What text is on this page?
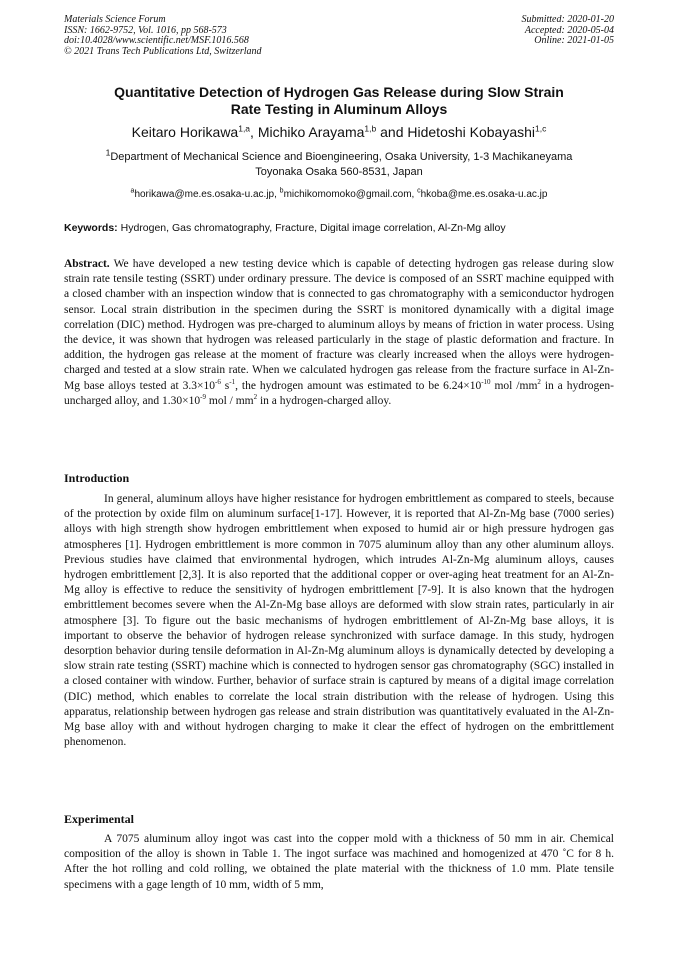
Materials Science Forum
ISSN: 1662-9752, Vol. 1016, pp 568-573
doi:10.4028/www.scientific.net/MSF.1016.568
© 2021 Trans Tech Publications Ltd, Switzerland
Submitted: 2020-01-20
Accepted: 2020-05-04
Online: 2021-01-05
Quantitative Detection of Hydrogen Gas Release during Slow Strain
Rate Testing in Aluminum Alloys
Keitaro Horikawa$^{1,a}$, Michiko Arayama$^{1,b}$ and Hidetoshi Kobayashi$^{1,c}$
$^1$Department of Mechanical Science and Bioengineering, Osaka University, 1-3 Machikaneyama
Toyonaka Osaka 560-8531, Japan
$^a$horikawa@me.es.osaka-u.ac.jp, $^b$michikomomoko@gmail.com, $^c$hkoba@me.es.osaka-u.ac.jp
Keywords: Hydrogen, Gas chromatography, Fracture, Digital image correlation, Al-Zn-Mg alloy
Abstract. We have developed a new testing device which is capable of detecting hydrogen gas release during slow strain rate tensile testing (SSRT) under ordinary pressure. The device is composed of an SSRT machine equipped with a closed chamber with an inspection window that is connected to gas chromatography with a semiconductor hydrogen sensor. Local strain distribution in the specimen during the SSRT is monitored dynamically with a digital image correlation (DIC) method. Hydrogen was pre-charged to aluminum alloys by means of friction in water process. Using the device, it was shown that hydrogen was released particularly in the stage of plastic deformation and fracture. In addition, the hydrogen gas release at the moment of fracture was clearly increased when the alloys were hydrogen-charged and tested at a slow strain rate. When we calculated hydrogen gas release from the fracture surface in Al-Zn-Mg base alloys tested at $3.3\times 10^{-6}$ $s^{-1}$, the hydrogen amount was estimated to be $6.24\times 10^{-10}$ mol $/mm^2$ in a hydrogen-uncharged alloy, and $1.30\times 10^{-9}$ mol / $mm^2$ in a hydrogen-charged alloy.
Introduction
In general, aluminum alloys have higher resistance for hydrogen embrittlement as compared to steels, because of the protection by oxide film on aluminum surface[1-17]. However, it is reported that Al-Zn-Mg base (7000 series) alloys with high strength show hydrogen embrittlement when exposed to humid air or high pressure hydrogen gas atmospheres [1]. Hydrogen embrittlement is more common in 7075 aluminum alloy than any other aluminum alloys. Previous studies have claimed that environmental hydrogen, which intrudes Al-Zn-Mg aluminum alloys, causes hydrogen embrittlement [2,3]. It is also reported that the additional copper or over-aging heat treatment for an Al-Zn-Mg alloy is effective to reduce the sensitivity of hydrogen embrittlement [7-9]. It is also known that the hydrogen embrittlement becomes severe when the Al-Zn-Mg base alloys are deformed with slow strain rates, particularly in air atmosphere [3]. To figure out the basic mechanisms of hydrogen embrittlement of Al-Zn-Mg base alloys, it is important to observe the behavior of hydrogen release synchronized with surface damage. In this study, hydrogen desorption behavior during tensile deformation in Al-Zn-Mg aluminum alloys is dynamically detected by developing a slow strain rate testing (SSRT) machine which is connected to hydrogen sensor gas chromatography (SGC) installed in a closed container with window. Further, behavior of surface strain is captured by means of a digital image correlation (DIC) method, which enables to correlate the local strain distribution with the release of hydrogen. Using this apparatus, relationship between hydrogen gas release and strain distribution was quantitatively evaluated in the Al-Zn-Mg base alloy with and without hydrogen charging to make it clear the effect of hydrogen on the embrittlement phenomenon.
Experimental
A 7075 aluminum alloy ingot was cast into the copper mold with a thickness of 50 mm in air. Chemical composition of the alloy is shown in Table 1. The ingot surface was machined and homogenized at 470 ˚C for 8 h. After the hot rolling and cold rolling, we obtained the plate material with the thickness of 1.0 mm. Plate tensile specimens with a gage length of 10 mm, width of 5 mm,
